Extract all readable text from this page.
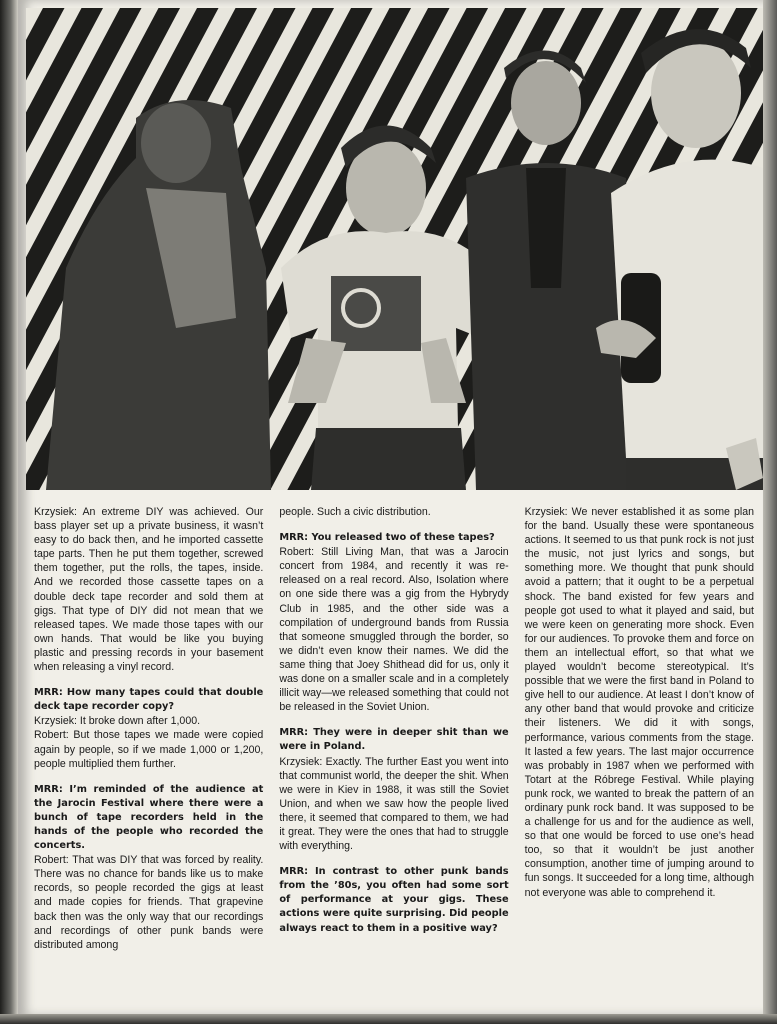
Krzysiek: An extreme DIY was achieved. Our bass player set up a private business, it wasn’t easy to do back then, and he imported cassette tape parts. Then he put them together, screwed them together, put the rolls, the tapes, inside. And we recorded those cassette tapes on a double deck tape recorder and sold them at gigs. That type of DIY did not mean that we released tapes. We made those tapes with our own hands. That would be like you buying plastic and pressing records in your basement when releasing a vinyl record.

MRR: How many tapes could that double deck tape recorder copy?

Krzysiek: It broke down after 1,000.

Robert: But those tapes we made were copied again by people, so if we made 1,000 or 1,200, people multiplied them further.

MRR: I’m reminded of the audience at the Jarocin Festival where there were a bunch of tape recorders held in the hands of the people who recorded the concerts.

Robert: That was DIY that was forced by reality. There was no chance for bands like us to make records, so people recorded the gigs at least and made copies for friends. That grapevine back then was the only way that our recordings and recordings of other punk bands were distributed among

people. Such a civic distribution.

MRR: You released two of these tapes?

Robert: Still Living Man, that was a Jarocin concert from 1984, and recently it was re-released on a real record. Also, Isolation where on one side there was a gig from the Hybrydy Club in 1985, and the other side was a compilation of underground bands from Russia that someone smuggled through the border, so we didn’t even know their names. We did the same thing that Joey Shithead did for us, only it was done on a smaller scale and in a completely illicit way—we released something that could not be released in the Soviet Union.

MRR: They were in deeper shit than we were in Poland.

Krzysiek: Exactly. The further East you went into that communist world, the deeper the shit. When we were in Kiev in 1988, it was still the Soviet Union, and when we saw how the people lived there, it seemed that compared to them, we had it great. They were the ones that had to struggle with everything.

MRR: In contrast to other punk bands from the ’80s, you often had some sort of performance at your gigs. These actions were quite surprising. Did people always react to them in a positive way?

Krzysiek: We never established it as some plan for the band. Usually these were spontaneous actions. It seemed to us that punk rock is not just the music, not just lyrics and songs, but something more. We thought that punk should avoid a pattern; that it ought to be a perpetual shock. The band existed for few years and people got used to what it played and said, but we were keen on generating more shock. Even for our audiences. To provoke them and force on them an intellectual effort, so that what we played wouldn’t become stereotypical. It’s possible that we were the first band in Poland to give hell to our audience. At least I don’t know of any other band that would provoke and criticize their listeners. We did it with songs, performance, various comments from the stage. It lasted a few years. The last major occurrence was probably in 1987 when we performed with Totart at the Róbrege Festival. While playing punk rock, we wanted to break the pattern of an ordinary punk rock band. It was supposed to be a challenge for us and for the audience as well, so that one would be forced to use one’s head too, so that it wouldn’t be just another consumption, another time of jumping around to fun songs. It succeeded for a long time, although not everyone was able to comprehend it.
